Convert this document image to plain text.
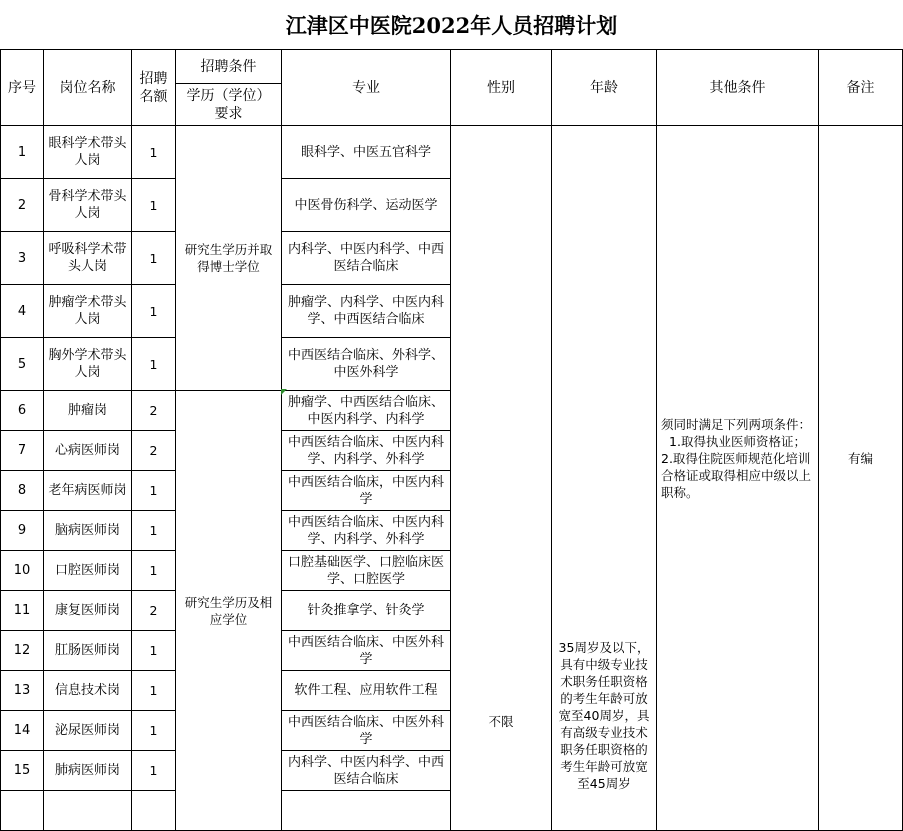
江津区中医院2022年人员招聘计划
序号	岗位名称	招聘名额	招聘条件	专业	性别	年龄	其他条件	备注
			学历（学位）要求					
1	眼科学术带头人岗	1	研究生学历并取得博士学位	眼科学、中医五官科学	不限	35周岁及以下，具有中级专业技术职务任职资格的考生年龄可放宽至40周岁，具有高级专业技术职务任职资格的考生年龄可放宽至45周岁	须同时满足下列两项条件：
1.取得执业医师资格证；
2.取得住院医师规范化培训合格证或取得相应中级以上职称。	有编
2	骨科学术带头人岗	1		中医骨伤科学、运动医学				
3	呼吸科学术带头人岗	1		内科学、中医内科学、中西医结合临床				
4	肿瘤学术带头人岗	1		肿瘤学、内科学、中医内科学、中西医结合临床				
5	胸外学术带头人岗	1		中西医结合临床、外科学、中医外科学				
6	肿瘤岗	2	研究生学历及相应学位	肿瘤学、中西医结合临床、中医内科学、内科学				
7	心病医师岗	2		中西医结合临床、中医内科学、内科学、外科学				
8	老年病医师岗	1		中西医结合临床，中医内科学				
9	脑病医师岗	1		中西医结合临床、中医内科学、内科学、外科学				
10	口腔医师岗	1		口腔基础医学、口腔临床医学、口腔医学				
11	康复医师岗	2		针灸推拿学、针灸学				
12	肛肠医师岗	1		中西医结合临床、中医外科学				
13	信息技术岗	1		软件工程、应用软件工程				
14	泌尿医师岗	1		中西医结合临床、中医外科学				
15	肺病医师岗	1		内科学、中医内科学、中西医结合临床				
